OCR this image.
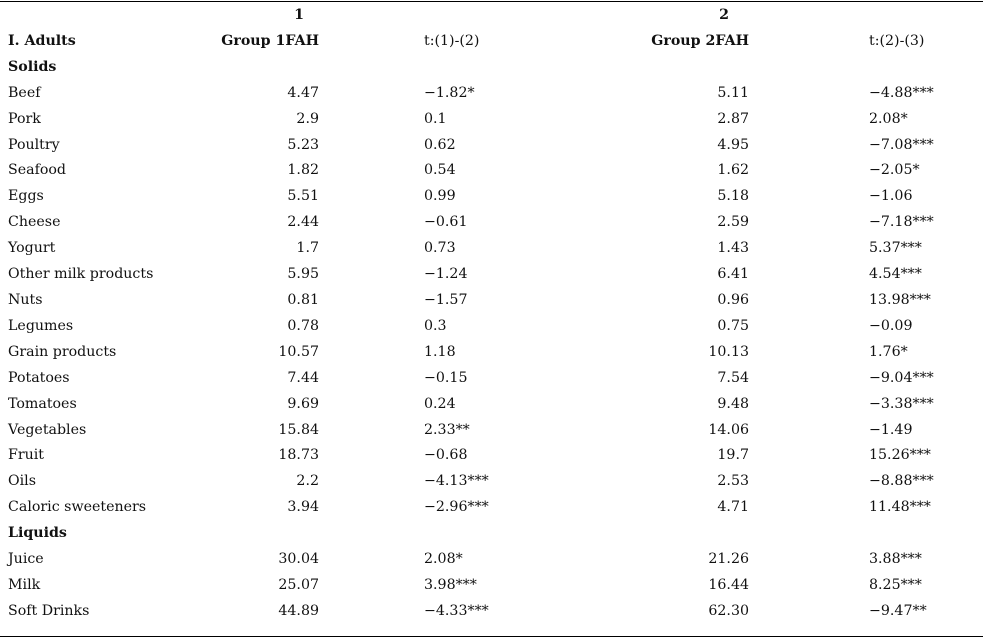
	1		2		
I. Adults	Group 1FAH	t:(1)-(2)	Group 2FAH	t:(2)-(3)	
Solids					
Beef	4.47	−1.82*	5.11	−4.88***	
Pork	2.9	0.1	2.87	2.08*	
Poultry	5.23	0.62	4.95	−7.08***	
Seafood	1.82	0.54	1.62	−2.05*	
Eggs	5.51	0.99	5.18	−1.06	
Cheese	2.44	−0.61	2.59	−7.18***	
Yogurt	1.7	0.73	1.43	5.37***	
Other milk products	5.95	−1.24	6.41	4.54***	
Nuts	0.81	−1.57	0.96	13.98***	
Legumes	0.78	0.3	0.75	−0.09	
Grain products	10.57	1.18	10.13	1.76*	
Potatoes	7.44	−0.15	7.54	−9.04***	
Tomatoes	9.69	0.24	9.48	−3.38***	
Vegetables	15.84	2.33**	14.06	−1.49	
Fruit	18.73	−0.68	19.7	15.26***	
Oils	2.2	−4.13***	2.53	−8.88***	
Caloric sweeteners	3.94	−2.96***	4.71	11.48***	
Liquids					
Juice	30.04	2.08*	21.26	3.88***	
Milk	25.07	3.98***	16.44	8.25***	
Soft Drinks	44.89	−4.33***	62.30	−9.47**	
